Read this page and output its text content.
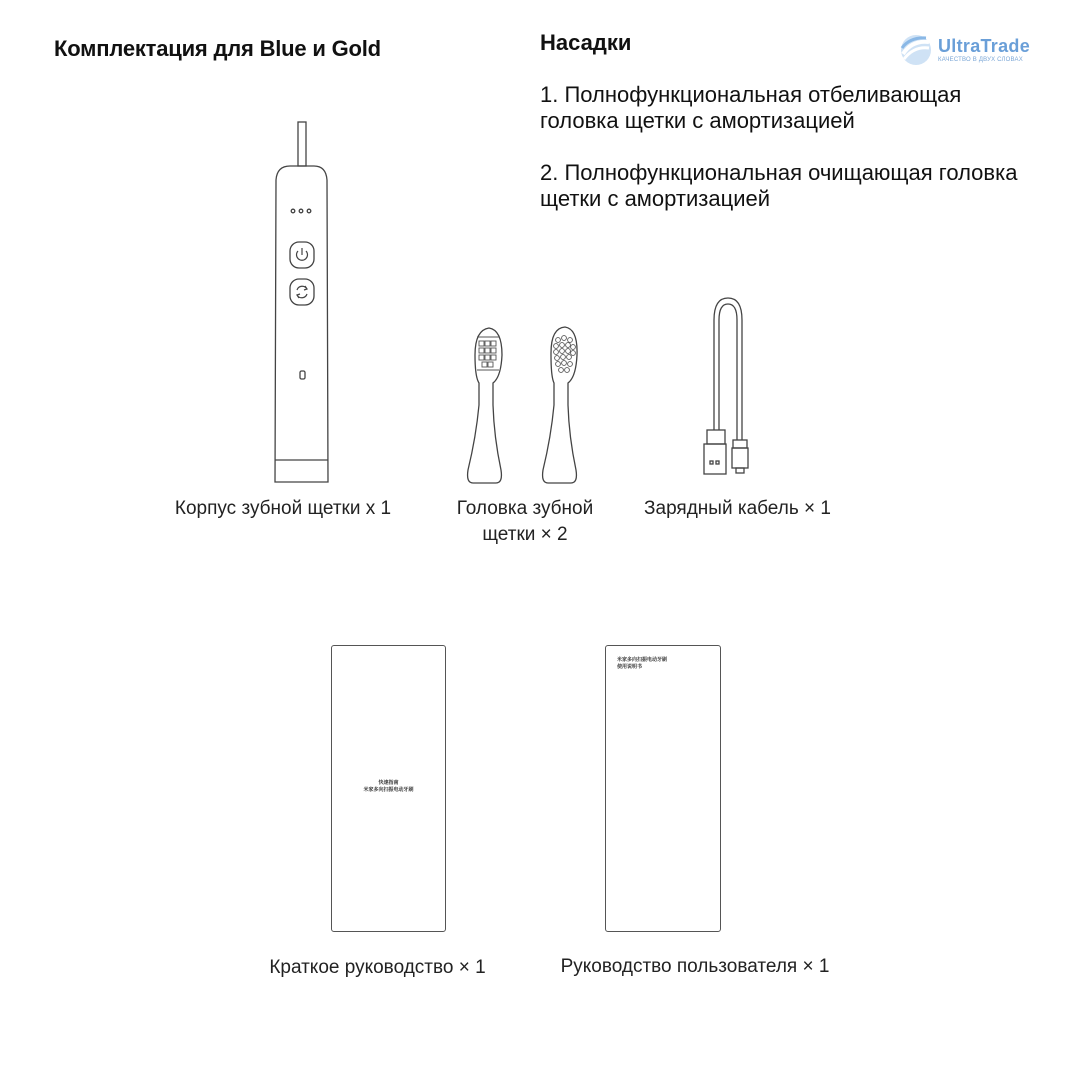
Комплектация для Blue и Gold	Насадки
1. Полнофункциональная отбеливающая головка щетки с амортизацией
2. Полнофункциональная очищающая головка щетки с амортизацией
UltraTrade
КАЧЕСТВО В ДВУХ СЛОВАХ
Корпус зубной щетки x 1	Головка зубной
щетки × 2
Зарядный кабель × 1
快速指南
米家多向扫振电动牙刷
米家多向扫振电动牙刷
使用说明书
Краткое руководство × 1	Руководство пользователя × 1
